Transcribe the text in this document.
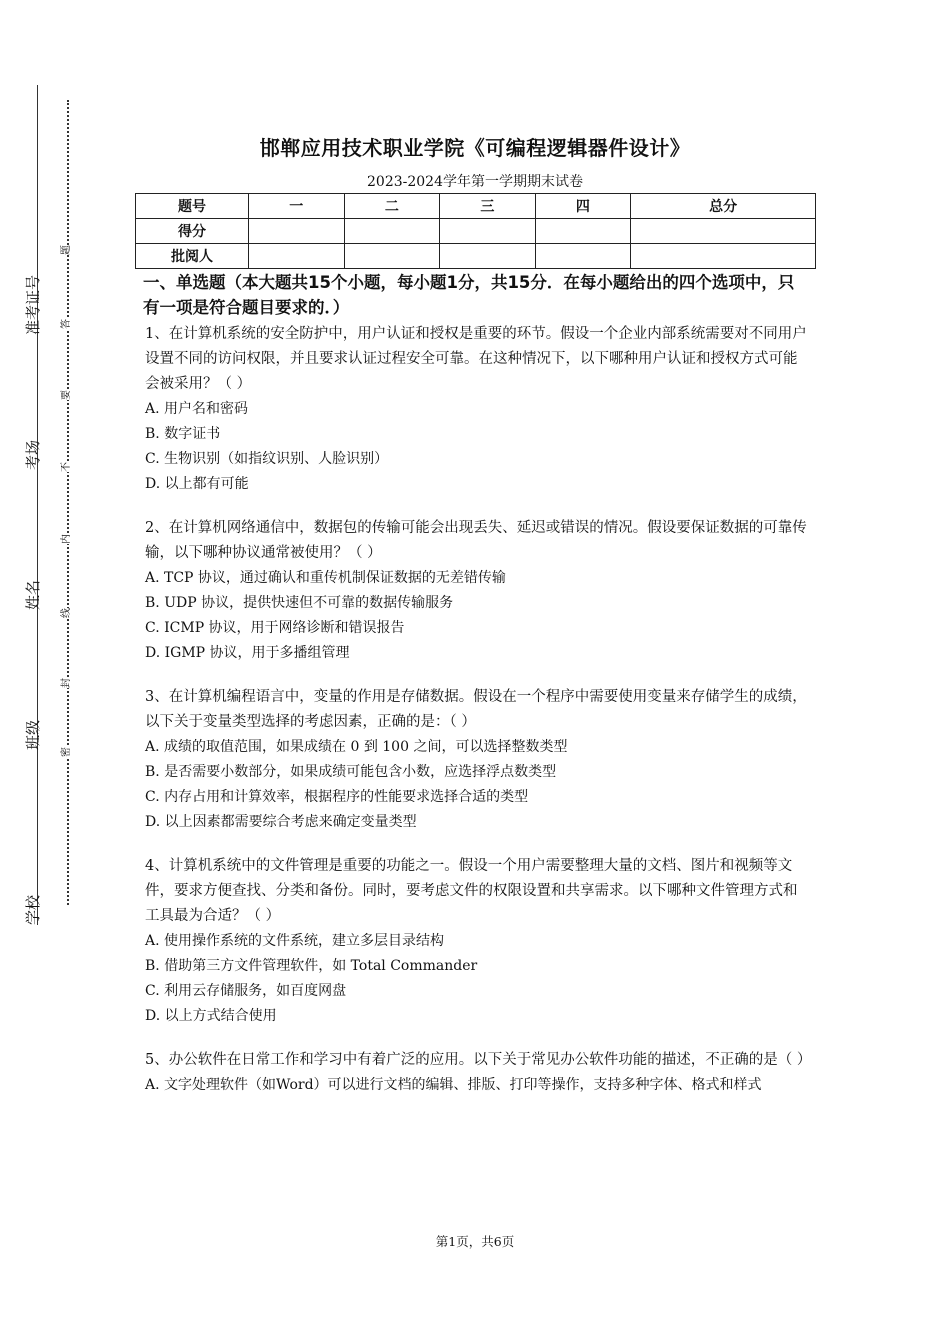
学校
班级
姓名
考场
准考证号
密
封
线
内
不
要
答
题
邯郸应用技术职业学院《可编程逻辑器件设计》
2023-2024学年第一学期期末试卷
题号	一	二	三	四	总分
得分					
批阅人					
一、单选题（本大题共15个小题，每小题1分，共15分．在每小题给出的四个选项中，只有一项是符合题目要求的．）
1、在计算机系统的安全防护中，用户认证和授权是重要的环节。假设一个企业内部系统需要对不同用户设置不同的访问权限，并且要求认证过程安全可靠。在这种情况下，以下哪种用户认证和授权方式可能会被采用？（ ）
A. 用户名和密码
B. 数字证书
C. 生物识别（如指纹识别、人脸识别）
D. 以上都有可能
2、在计算机网络通信中，数据包的传输可能会出现丢失、延迟或错误的情况。假设要保证数据的可靠传输，以下哪种协议通常被使用？（ ）
A. TCP 协议，通过确认和重传机制保证数据的无差错传输
B. UDP 协议，提供快速但不可靠的数据传输服务
C. ICMP 协议，用于网络诊断和错误报告
D. IGMP 协议，用于多播组管理
3、在计算机编程语言中，变量的作用是存储数据。假设在一个程序中需要使用变量来存储学生的成绩，以下关于变量类型选择的考虑因素，正确的是：（ ）
A. 成绩的取值范围，如果成绩在 0 到 100 之间，可以选择整数类型
B. 是否需要小数部分，如果成绩可能包含小数，应选择浮点数类型
C. 内存占用和计算效率，根据程序的性能要求选择合适的类型
D. 以上因素都需要综合考虑来确定变量类型
4、计算机系统中的文件管理是重要的功能之一。假设一个用户需要整理大量的文档、图片和视频等文件，要求方便查找、分类和备份。同时，要考虑文件的权限设置和共享需求。以下哪种文件管理方式和工具最为合适？（ ）
A. 使用操作系统的文件系统，建立多层目录结构
B. 借助第三方文件管理软件，如 Total Commander
C. 利用云存储服务，如百度网盘
D. 以上方式结合使用
5、办公软件在日常工作和学习中有着广泛的应用。以下关于常见办公软件功能的描述，不正确的是（ ）
A. 文字处理软件（如Word）可以进行文档的编辑、排版、打印等操作，支持多种字体、格式和样式
第1页，共6页
